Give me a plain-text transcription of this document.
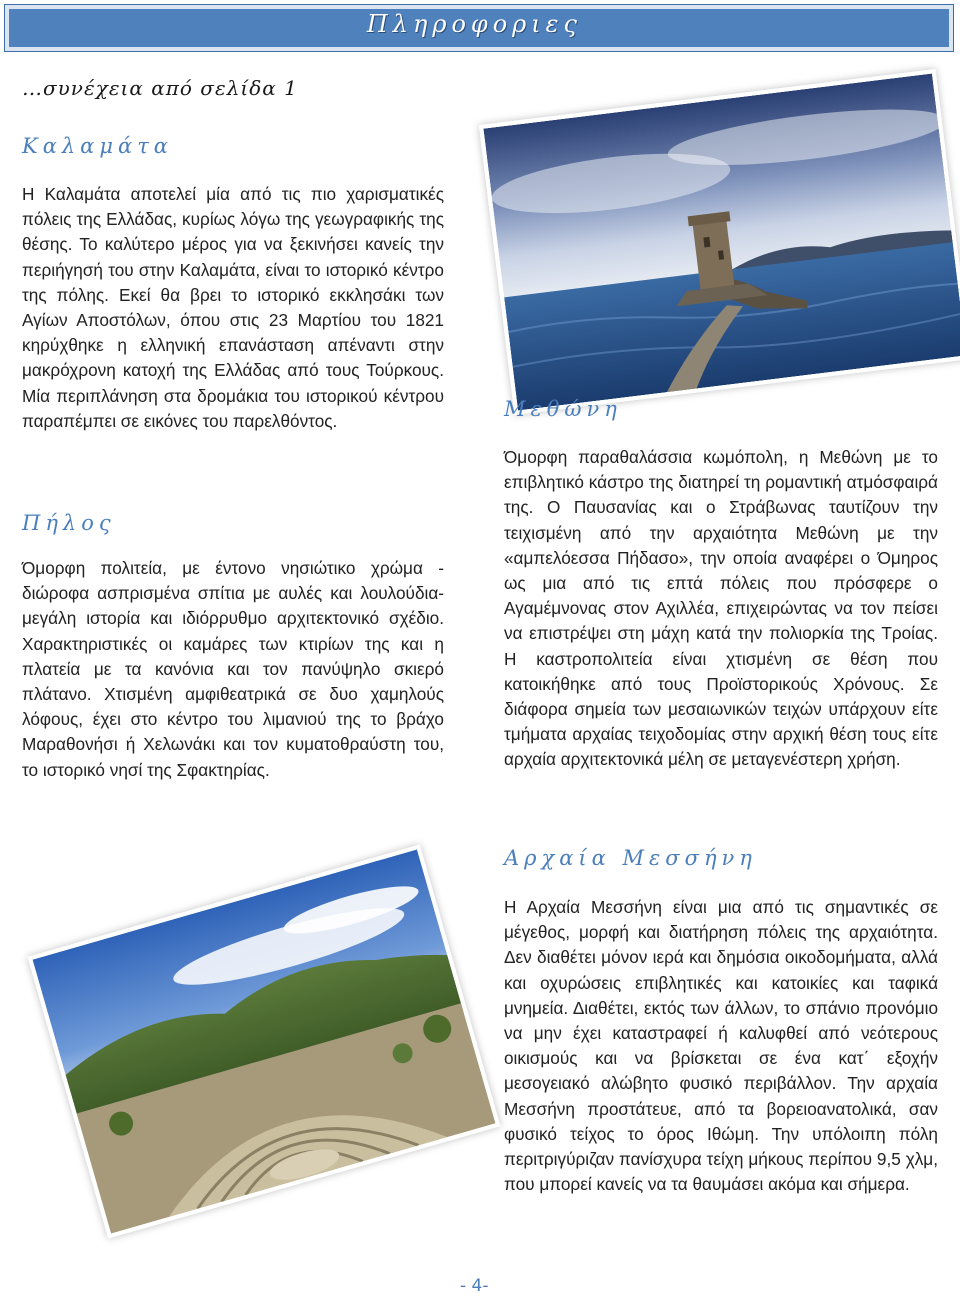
Πληροφοριες
…συνέχεια από σελίδα 1
Καλαμάτα

Η Καλαμάτα αποτελεί μία από τις πιο χαρισματικές πόλεις της Ελλάδας, κυρίως λόγω της γεωγραφικής της θέσης. Το καλύτερο μέρος για να ξεκινήσει κανείς την περιήγησή του στην Καλαμάτα, είναι το ιστορικό κέντρο της πόλης. Εκεί θα βρει το ιστορικό εκκλησάκι των Αγίων Αποστόλων, όπου στις 23 Μαρτίου του 1821 κηρύχθηκε η ελληνική επανάσταση απέναντι στην μακρόχρονη κατοχή της Ελλάδας από τους Τούρκους. Μία περιπλάνηση στα δρομάκια του ιστορικού κέντρου παραπέμπει σε εικόνες του παρελθόντος.

Πήλος

Όμορφη πολιτεία, με έντονο νησιώτικο χρώμα - διώροφα ασπρισμένα σπίτια με αυλές και λουλούδια- μεγάλη ιστορία και ιδιόρρυθμο αρχιτεκτονικό σχέδιο. Χαρακτηριστικές οι καμάρες των κτιρίων της και η πλατεία με τα κανόνια και τον πανύψηλο σκιερό πλάτανο. Χτισμένη αμφιθεατρικά σε δυο χαμηλούς λόφους, έχει στο κέντρο του λιμανιού της το βράχο Μαραθονήσι ή Χελωνάκι και τον κυματοθραύστη του, το ιστορικό νησί της Σφακτηρίας.

Μεθώνη

Όμορφη παραθαλάσσια κωμόπολη, η Μεθώνη με το επιβλητικό κάστρο της διατηρεί τη ρομαντική ατμόσφαιρά της. Ο Παυσανίας και ο Στράβωνας ταυτίζουν την τειχισμένη από την αρχαιότητα Μεθώνη με την «αμπελόεσσα Πήδασο», την οποία αναφέρει ο Όμηρος ως μια από τις επτά πόλεις που πρόσφερε ο Αγαμέμνονας στον Αχιλλέα, επιχειρώντας να τον πείσει να επιστρέψει στη μάχη κατά την πολιορκία της Τροίας. Η καστροπολιτεία είναι χτισμένη σε θέση που κατοικήθηκε από τους Προϊστορικούς Χρόνους. Σε διάφορα σημεία των μεσαιωνικών τειχών υπάρχουν είτε τμήματα αρχαίας τειχοδομίας στην αρχική θέση τους είτε αρχαία αρχιτεκτονικά μέλη σε μεταγενέστερη χρήση.

Αρχαία Μεσσήνη

Η Αρχαία Μεσσήνη είναι μια από τις σημαντικές σε μέγεθος, μορφή και διατήρηση πόλεις της αρχαιότητα. Δεν διαθέτει μόνον ιερά και δημόσια οικοδομήματα, αλλά και οχυρώσεις επιβλητικές και κατοικίες και ταφικά μνημεία. Διαθέτει, εκτός των άλλων, το σπάνιο προνόμιο να μην έχει καταστραφεί ή καλυφθεί από νεότερους οικισμούς και να βρίσκεται σε ένα κατ΄ εξοχήν μεσογειακό αλώβητο φυσικό περιβάλλον. Την αρχαία Μεσσήνη προστάτευε, από τα βορειοανατολικά, σαν φυσικό τείχος το όρος Ιθώμη. Την υπόλοιπη πόλη περιτριγύριζαν πανίσχυρα τείχη μήκους περίπου 9,5 χλμ, που μπορεί κανείς να τα θαυμάσει ακόμα και σήμερα.

- 4-
